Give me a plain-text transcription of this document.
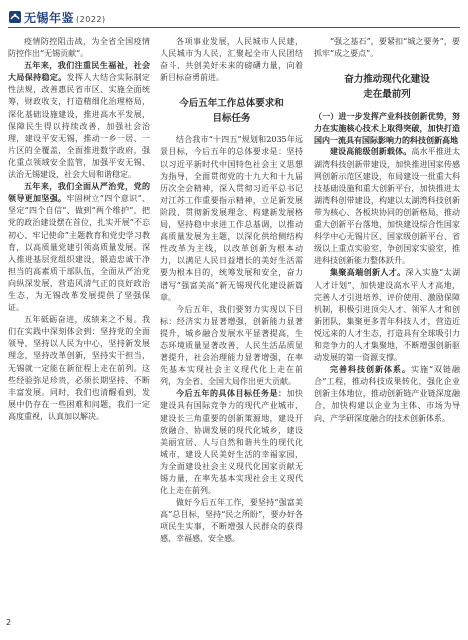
无锡年鉴 (2022)

疫情防控阻击战，为全省全国疫情防控作出“无锡贡献”。

五年来，我们注重民生福祉，社会大局保持稳定。发挥人大结合实际制定性法规，改善惠民省市区、实施全面统筹，财政收支，打造精细化治理格局，深化基础设施建设，推进高水平发展，保障民生得以持续改善，加强社会治理，建设平安无锡，推动一乡一居、一片区的全覆盖，全面推进数字政府，强化重点领域安全监管，加强平安无锡、法治无锡建设，社会大局和谐稳定。

五年来，我们全面从严治党，党的领导更加坚强。牢固树立“四个意识”、坚定“四个自信”、做到“两个维护”，把党的政治建设摆在首位，扎实开展“不忘初心、牢记使命”主题教育和党史学习教育，以高质量党建引领高质量发展。深入推进基层党组织建设，锻造忠诚干净担当的高素质干部队伍，全面从严治党向纵深发展，营造风清气正的良好政治生态，为无锡改革发展提供了坚强保证。

五年砥砺奋进，成绩来之不易。我们在实践中深刻体会到：坚持党的全面领导，坚持以人民为中心，坚持新发展理念，坚持改革创新，坚持实干担当，无锡就一定能在新征程上走在前列。这些经验弥足珍贵，必须长期坚持、不断丰富发展。同时，我们也清醒看到，发展中仍存在一些困难和问题，我们一定高度重视，认真加以解决。

各项事业发展，人民城市人民建，人民城市为人民，汇聚起全市人民团结奋斗、共创美好未来的磅礴力量，向着新目标奋勇前进。

今后五年工作总体要求和
目标任务

结合我市“十四五”规划和2035年远景目标，今后五年的总体要求是：坚持以习近平新时代中国特色社会主义思想为指导，全面贯彻党的十九大和十九届历次全会精神，深入贯彻习近平总书记对江苏工作重要指示精神，立足新发展阶段、贯彻新发展理念、构建新发展格局，坚持稳中求进工作总基调，以推动高质量发展为主题，以深化供给侧结构性改革为主线，以改革创新为根本动力，以满足人民日益增长的美好生活需要为根本目的，统筹发展和安全，奋力谱写“强富美高”新无锡现代化建设新篇章。

今后五年，我们要努力实现以下目标：经济实力显著增强，创新能力显著提升，城乡融合发展水平显著提高，生态环境质量显著改善，人民生活品质显著提升，社会治理能力显著增强，在率先基本实现社会主义现代化上走在前列，为全省、全国大局作出更大贡献。

今后五年的具体目标任务是：加快建设具有国际竞争力的现代产业城市，建设长三角重要的创新策源地，建设开放融合、协调发展的现代化城乡，建设美丽宜居、人与自然和谐共生的现代化城市，建设人民美好生活的幸福家园，为全面建设社会主义现代化国家贡献无锡力量，在率先基本实现社会主义现代化上走在前列。

做好今后五年工作，要坚持“强富美高”总目标，坚持“民之所盼”，要办好各项民生实事，不断增强人民群众的获得感、幸福感、安全感。

“强之基石”，要紧扣“城之要务”，要抓牢“成之要点”。

奋力推动现代化建设
走在最前列

（一）进一步发挥产业科技创新优势，努力在实施核心技术上取得突破，加快打造国内一流具有国际影响力的科技创新高地

建设高能级创新载体。高水平推进太湖湾科技创新带建设，加快推进国家传感网创新示范区建设，布局建设一批重大科技基础设施和重大创新平台，加快推进太湖湾科创带建设，构建以太湖湾科技创新带为核心、各板块协同的创新格局，推动重大创新平台落地，加快建设综合性国家科学中心无锡片区、国家级创新平台、省级以上重点实验室，争创国家实验室，推进科技创新能力整体跃升。

集聚高端创新人才。深入实施“太湖人才计划”，加快建设高水平人才高地，完善人才引进培养、评价使用、激励保障机制，积极引进顶尖人才、领军人才和创新团队，集聚更多青年科技人才，营造近悦远来的人才生态，打造具有全球吸引力和竞争力的人才集聚地，不断增强创新驱动发展的第一资源支撑。

完善科技创新体系。实施“双链融合”工程，推动科技成果转化，强化企业创新主体地位，推动创新链产业链深度融合，加快构建以企业为主体、市场为导向、产学研深度融合的技术创新体系。

2
